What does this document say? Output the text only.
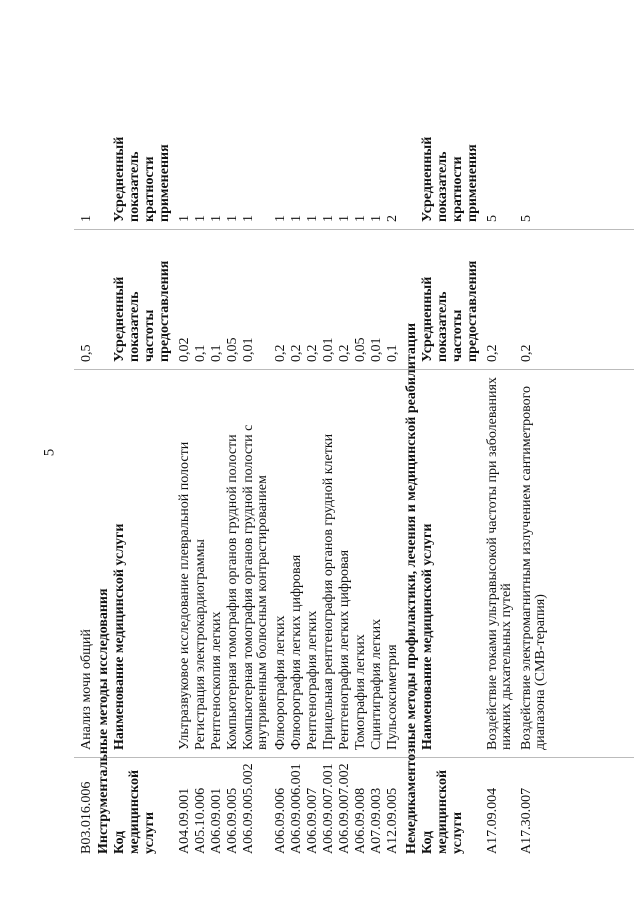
5
B03.016.006
Анализ мочи общий
0,5
1
Инструментальные методы исследования Код медицинской услуги
Наименование медицинской услуги
Усредненный показатель частоты предоставления
Усредненный показатель кратности применения
A04.09.001
Ультразвуковое исследование плевральной полости
0,02
1
A05.10.006
Регистрация электрокардиограммы
0,1
1
A06.09.001
Рентгеноскопия легких
0,1
1
A06.09.005
Компьютерная томография органов грудной полости
0,05
1
A06.09.005.002
Компьютерная томография органов грудной полости с внутривенным болюсным контрастированием
0,01
1
A06.09.006
Флюорография легких
0,2
1
A06.09.006.001
Флюорография легких цифровая
0,2
1
A06.09.007
Рентгенография легких
0,2
1
A06.09.007.001
Прицельная рентгенография органов грудной клетки
0,01
1
A06.09.007.002
Рентгенография легких цифровая
0,2
1
A06.09.008
Томография легких
0,05
1
A07.09.003
Сцинтиграфия легких
0,01
1
A12.09.005
Пульсоксиметрия
0,1
2
Немедикаментозные методы профилактики, лечения и медицинской реабилитации Код медицинской услуги
Наименование медицинской услуги
Усредненный показатель частоты предоставления
Усредненный показатель кратности применения
A17.09.004
Воздействие токами ультравысокой частоты при заболеваниях нижних дыхательных путей
0,2
5
A17.30.007
Воздействие электромагнитным излучением сантиметрового диапазона (СМВ-терапия)
0,2
5
